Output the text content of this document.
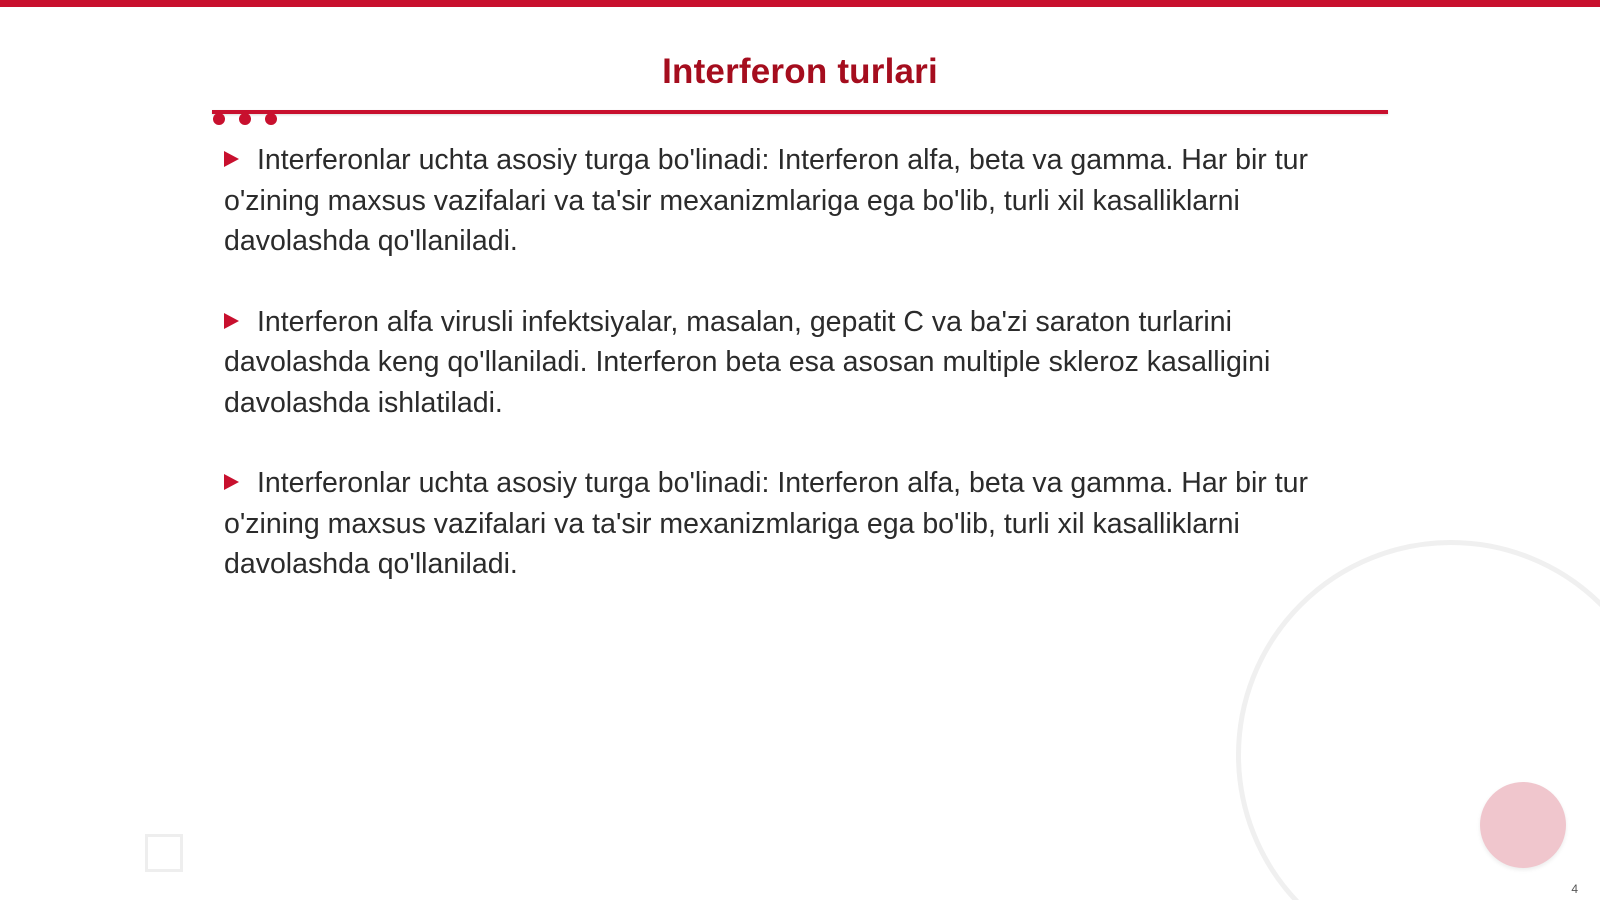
Interferon turlari

Interferonlar uchta asosiy turga bo'linadi: Interferon alfa, beta va gamma. Har bir tur o'zining maxsus vazifalari va ta'sir mexanizmlariga ega bo'lib, turli xil kasalliklarni davolashda qo'llaniladi.

Interferon alfa virusli infektsiyalar, masalan, gepatit C va ba'zi saraton turlarini davolashda keng qo'llaniladi. Interferon beta esa asosan multiple skleroz kasalligini davolashda ishlatiladi.

Interferonlar uchta asosiy turga bo'linadi: Interferon alfa, beta va gamma. Har bir tur o'zining maxsus vazifalari va ta'sir mexanizmlariga ega bo'lib, turli xil kasalliklarni davolashda qo'llaniladi.

4
